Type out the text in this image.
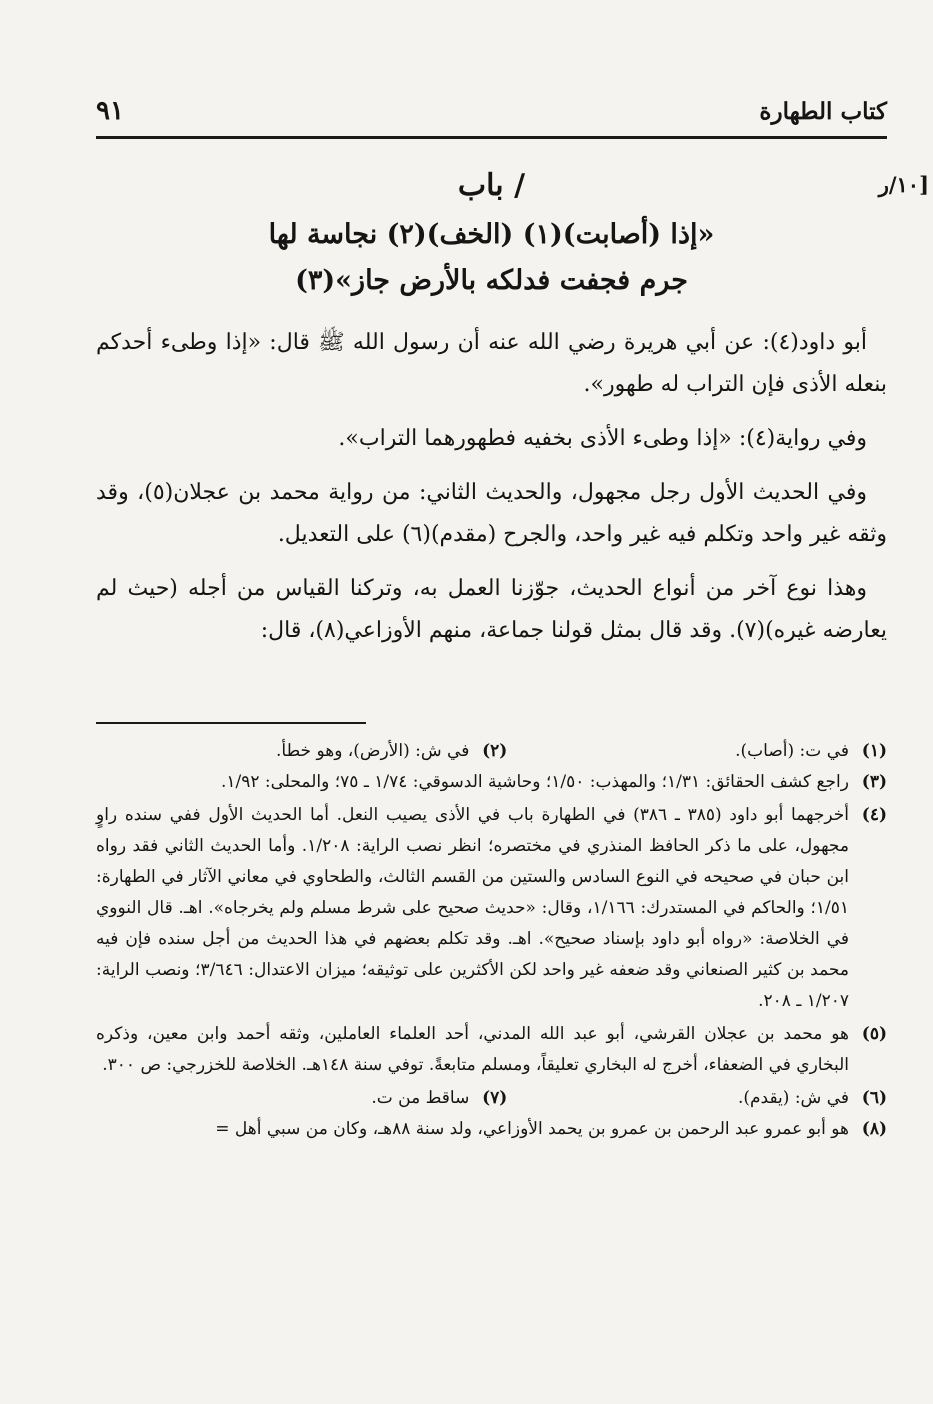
كتاب الطهارة
٩١
[١٠/ر
/ باب
«إذا (أصابت)(١) (الخف)(٢) نجاسة لها
جرم فجفت فدلكه بالأرض جاز»(٣)

أبو داود(٤): عن أبي هريرة رضي الله عنه أن رسول الله ﷺ قال: «إذا وطىء أحدكم بنعله الأذى فإن التراب له طهور».

وفي رواية(٤): «إذا وطىء الأذى بخفيه فطهورهما التراب».

وفي الحديث الأول رجل مجهول، والحديث الثاني: من رواية محمد بن عجلان(٥)، وقد وثقه غير واحد وتكلم فيه غير واحد، والجرح (مقدم)(٦) على التعديل.

وهذا نوع آخر من أنواع الحديث، جوّزنا العمل به، وتركنا القياس من أجله (حيث لم يعارضه غيره)(٧). وقد قال بمثل قولنا جماعة، منهم الأوزاعي(٨)، قال:

(١)
في ت: (أصاب).
(٢)
في ش: (الأرض)، وهو خطأ.
(٣)
راجع كشف الحقائق: ١/٣١؛ والمهذب: ١/٥٠؛ وحاشية الدسوقي: ١/٧٤ ـ ٧٥؛ والمحلى: ١/٩٢.
(٤)
أخرجهما أبو داود (٣٨٥ ـ ٣٨٦) في الطهارة باب في الأذى يصيب النعل. أما الحديث الأول ففي سنده راوٍ مجهول، على ما ذكر الحافظ المنذري في مختصره؛ انظر نصب الراية: ١/٢٠٨. وأما الحديث الثاني فقد رواه ابن حبان في صحيحه في النوع السادس والستين من القسم الثالث، والطحاوي في معاني الآثار في الطهارة: ١/٥١؛ والحاكم في المستدرك: ١/١٦٦، وقال: «حديث صحيح على شرط مسلم ولم يخرجاه». اهـ. قال النووي في الخلاصة: «رواه أبو داود بإسناد صحيح». اهـ. وقد تكلم بعضهم في هذا الحديث من أجل سنده فإن فيه محمد بن كثير الصنعاني وقد ضعفه غير واحد لكن الأكثرين على توثيقه؛ ميزان الاعتدال: ٣/٦٤٦؛ ونصب الراية: ١/٢٠٧ ـ ٢٠٨.
(٥)
هو محمد بن عجلان القرشي، أبو عبد الله المدني، أحد العلماء العاملين، وثقه أحمد وابن معين، وذكره البخاري في الضعفاء، أخرج له البخاري تعليقاً، ومسلم متابعةً. توفي سنة ١٤٨هـ. الخلاصة للخزرجي: ص ٣٠٠.
(٦)
في ش: (يقدم).
(٧)
ساقط من ت.
(٨)
هو أبو عمرو عبد الرحمن بن عمرو بن يحمد الأوزاعي، ولد سنة ٨٨هـ، وكان من سبي أهل =
